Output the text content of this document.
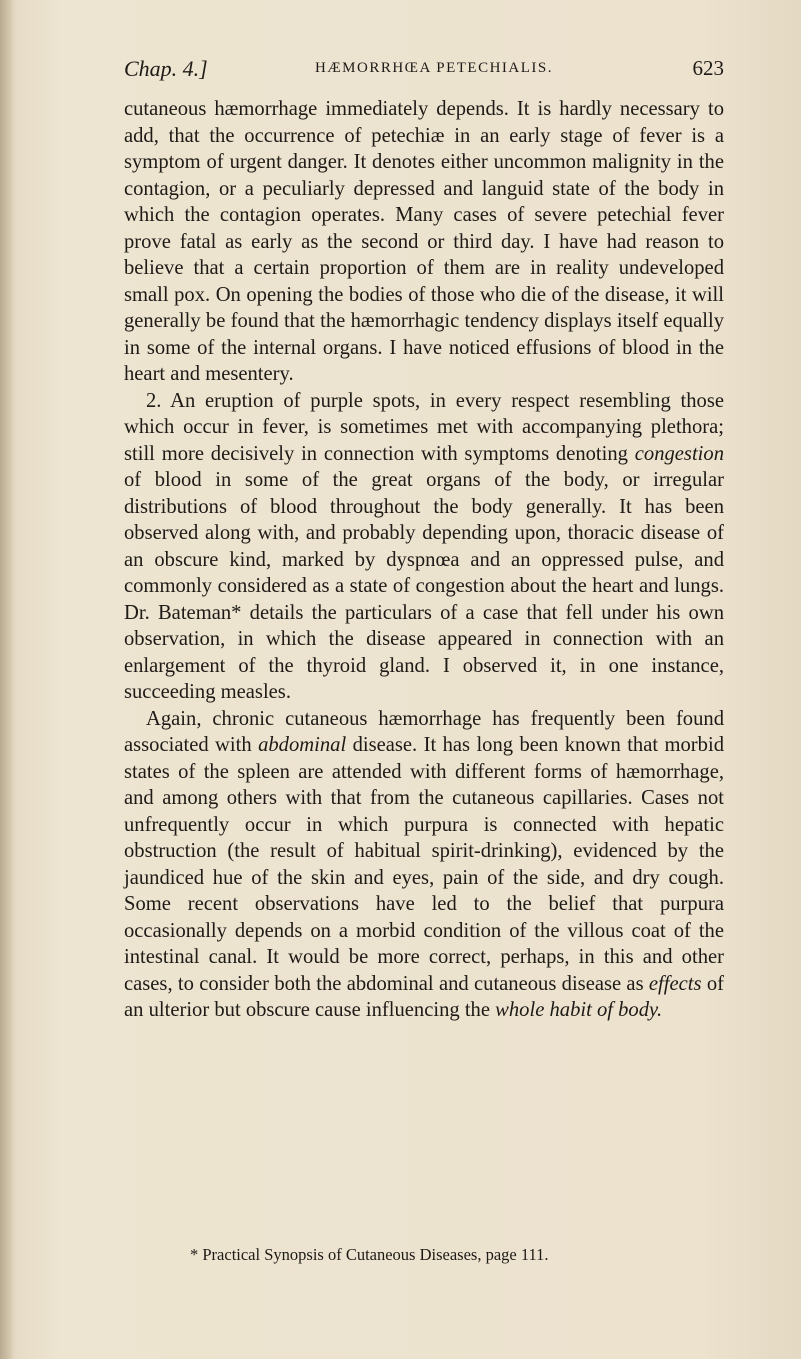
Chap. 4.]	HÆMORRHŒA PETECHIALIS.	623

cutaneous hæmorrhage immediately depends. It is hardly necessary to add, that the occurrence of petechiæ in an early stage of fever is a symptom of urgent danger. It denotes either uncommon malignity in the contagion, or a peculiarly depressed and languid state of the body in which the contagion operates. Many cases of severe petechial fever prove fatal as early as the second or third day. I have had reason to believe that a certain proportion of them are in reality undeveloped small pox. On opening the bodies of those who die of the disease, it will generally be found that the hæmorrhagic tendency displays itself equally in some of the internal organs. I have noticed effusions of blood in the heart and mesentery.

2. An eruption of purple spots, in every respect resembling those which occur in fever, is sometimes met with accompanying plethora; still more decisively in connection with symptoms denoting congestion of blood in some of the great organs of the body, or irregular distributions of blood throughout the body generally. It has been observed along with, and probably depending upon, thoracic disease of an obscure kind, marked by dyspnœa and an oppressed pulse, and commonly considered as a state of congestion about the heart and lungs. Dr. Bateman* details the particulars of a case that fell under his own observation, in which the disease appeared in connection with an enlargement of the thyroid gland. I observed it, in one instance, succeeding measles.

Again, chronic cutaneous hæmorrhage has frequently been found associated with abdominal disease. It has long been known that morbid states of the spleen are attended with different forms of hæmorrhage, and among others with that from the cutaneous capillaries. Cases not unfrequently occur in which purpura is connected with hepatic obstruction (the result of habitual spirit-drinking), evidenced by the jaundiced hue of the skin and eyes, pain of the side, and dry cough. Some recent observations have led to the belief that purpura occasionally depends on a morbid condition of the villous coat of the intestinal canal. It would be more correct, perhaps, in this and other cases, to consider both the abdominal and cutaneous disease as effects of an ulterior but obscure cause influencing the whole habit of body.

* Practical Synopsis of Cutaneous Diseases, page 111.
